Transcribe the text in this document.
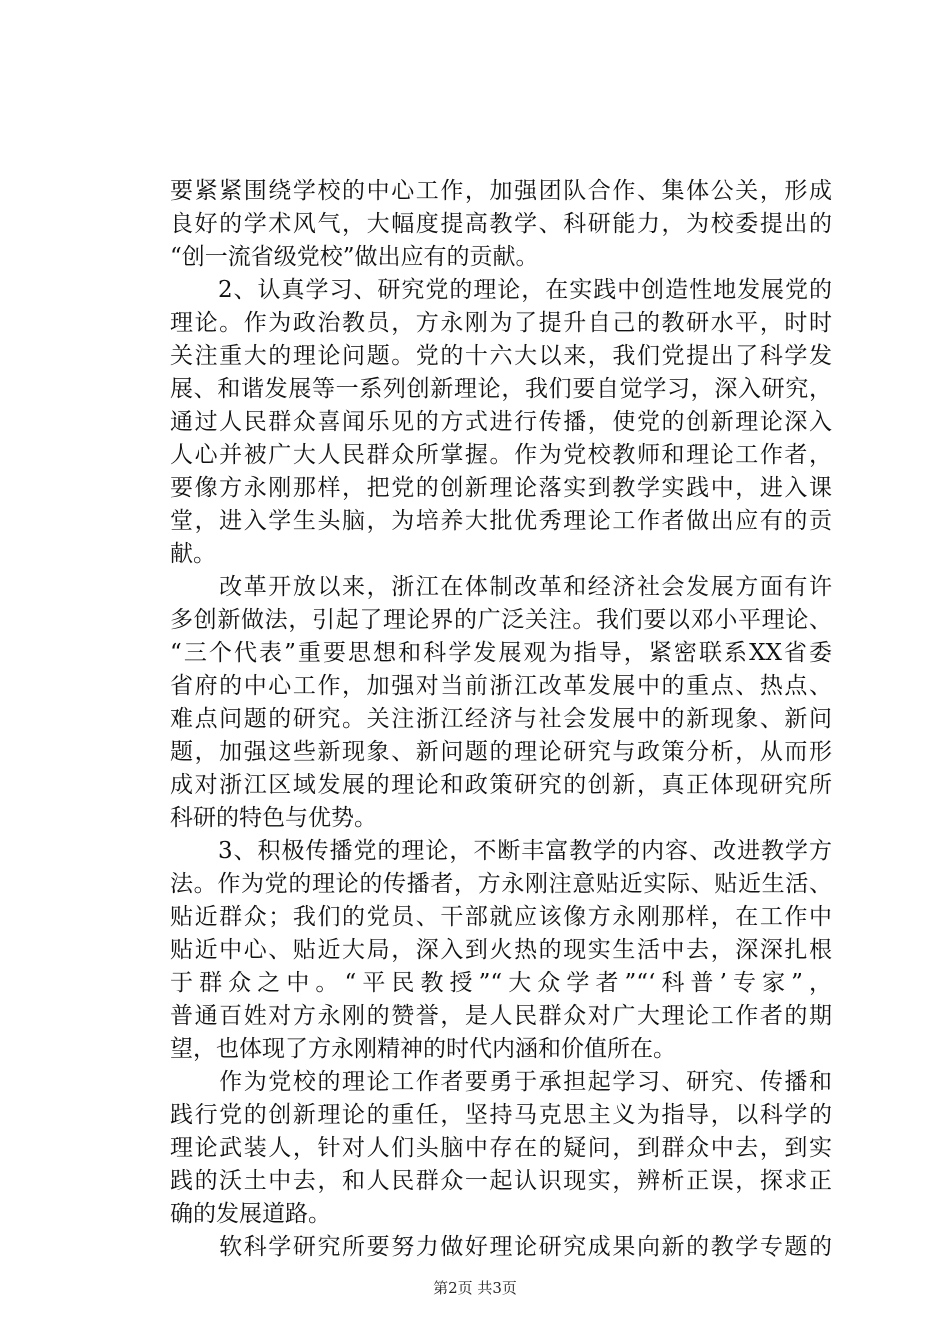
要紧紧围绕学校的中心工作，加强团队合作、集体公关，形成
良好的学术风气，大幅度提高教学、科研能力，为校委提出的
“创一流省级党校”做出应有的贡献。
　　2、认真学习、研究党的理论，在实践中创造性地发展党的
理论。作为政治教员，方永刚为了提升自己的教研水平，时时
关注重大的理论问题。党的十六大以来，我们党提出了科学发
展、和谐发展等一系列创新理论，我们要自觉学习，深入研究，
通过人民群众喜闻乐见的方式进行传播，使党的创新理论深入
人心并被广大人民群众所掌握。作为党校教师和理论工作者，
要像方永刚那样，把党的创新理论落实到教学实践中，进入课
堂，进入学生头脑，为培养大批优秀理论工作者做出应有的贡
献。
　　改革开放以来，浙江在体制改革和经济社会发展方面有许
多创新做法，引起了理论界的广泛关注。我们要以邓小平理论、
“三个代表”重要思想和科学发展观为指导，紧密联系XX省委
省府的中心工作，加强对当前浙江改革发展中的重点、热点、
难点问题的研究。关注浙江经济与社会发展中的新现象、新问
题，加强这些新现象、新问题的理论研究与政策分析，从而形
成对浙江区域发展的理论和政策研究的创新，真正体现研究所
科研的特色与优势。
　　3、积极传播党的理论，不断丰富教学的内容、改进教学方
法。作为党的理论的传播者，方永刚注意贴近实际、贴近生活、
贴近群众；我们的党员、干部就应该像方永刚那样，在工作中
贴近中心、贴近大局，深入到火热的现实生活中去，深深扎根
于群众之中。“平民教授”“大众学者”“‘科普’专家”，
普通百姓对方永刚的赞誉，是人民群众对广大理论工作者的期
望，也体现了方永刚精神的时代内涵和价值所在。
　　作为党校的理论工作者要勇于承担起学习、研究、传播和
践行党的创新理论的重任，坚持马克思主义为指导，以科学的
理论武装人，针对人们头脑中存在的疑问，到群众中去，到实
践的沃土中去，和人民群众一起认识现实，辨析正误，探求正
确的发展道路。
　　软科学研究所要努力做好理论研究成果向新的教学专题的
第2页 共3页
